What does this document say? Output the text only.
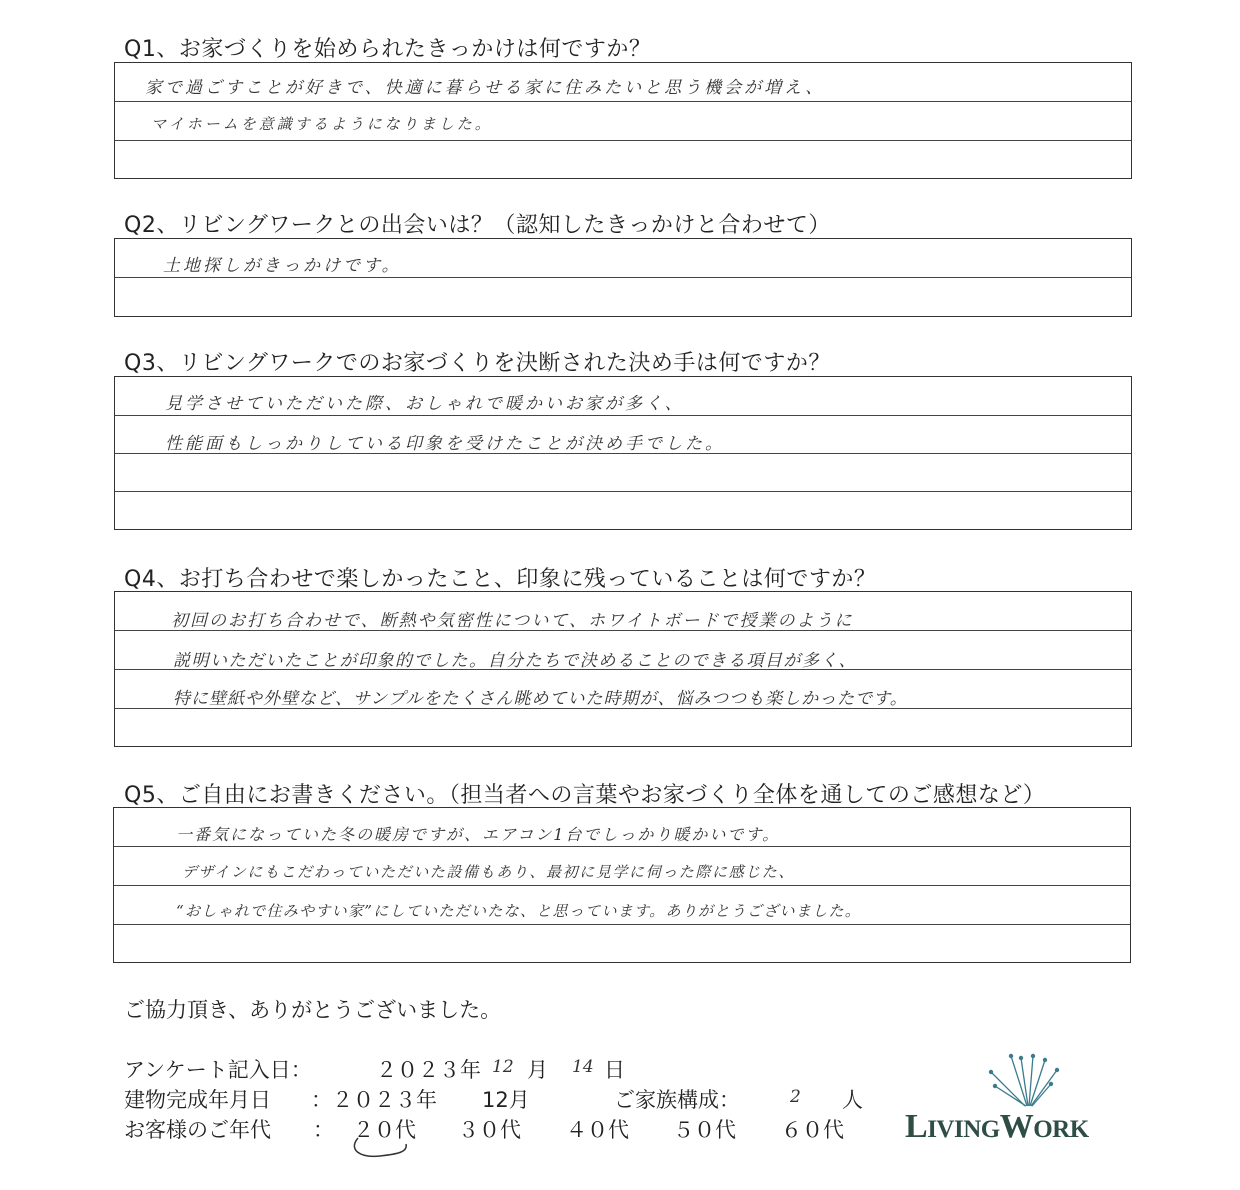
Q1、お家づくりを始められたきっかけは何ですか？
家で過ごすことが好きで、快適に暮らせる家に住みたいと思う機会が増え、
マイホームを意識するようになりました。
Q2、リビングワークとの出会いは？（認知したきっかけと合わせて）
土地探しがきっかけです。
Q3、リビングワークでのお家づくりを決断された決め手は何ですか？
見学させていただいた際、おしゃれで暖かいお家が多く、
性能面もしっかりしている印象を受けたことが決め手でした。
Q4、お打ち合わせで楽しかったこと、印象に残っていることは何ですか？
初回のお打ち合わせで、断熱や気密性について、ホワイトボードで授業のように
説明いただいたことが印象的でした。自分たちで決めることのできる項目が多く、
特に壁紙や外壁など、サンプルをたくさん眺めていた時期が、悩みつつも楽しかったです。
Q5、ご自由にお書きください。（担当者への言葉やお家づくり全体を通してのご感想など）
一番気になっていた冬の暖房ですが、エアコン1台でしっかり暖かいです。
デザインにもこだわっていただいた設備もあり、最初に見学に伺った際に感じた、
“おしゃれで住みやすい家”にしていただいたな、と思っています。ありがとうございました。
ご協力頂き、ありがとうございました。
アンケート記入日：	２０２３年 12 月 14 日
建物完成年月日 ：２０２３年 12月	ご家族構成：	2 人
お客様のご年代 ： ２０代 ３０代 ４０代 ５０代 ６０代 LIVINGWORK
